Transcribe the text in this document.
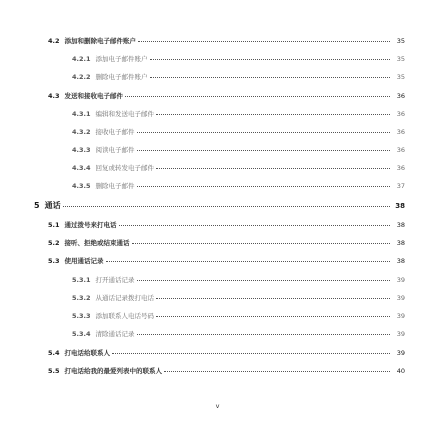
4.2 添加和删除电子邮件账户	35
4.2.1 添加电子邮件账户	35
4.2.2 删除电子邮件账户	35
4.3 发送和接收电子邮件	36
4.3.1 编辑和发送电子邮件	36
4.3.2 接收电子邮件	36
4.3.3 阅读电子邮件	36
4.3.4 回复或转发电子邮件	36
4.3.5 删除电子邮件	37
5 通话	38
5.1 通过拨号来打电话	38
5.2 接听、拒绝或结束通话	38
5.3 使用通话记录	38
5.3.1 打开通话记录	39
5.3.2 从通话记录拨打电话	39
5.3.3 添加联系人电话号码	39
5.3.4 清除通话记录	39
5.4 打电话给联系人	39
5.5 打电话给我的最爱列表中的联系人	40
v
